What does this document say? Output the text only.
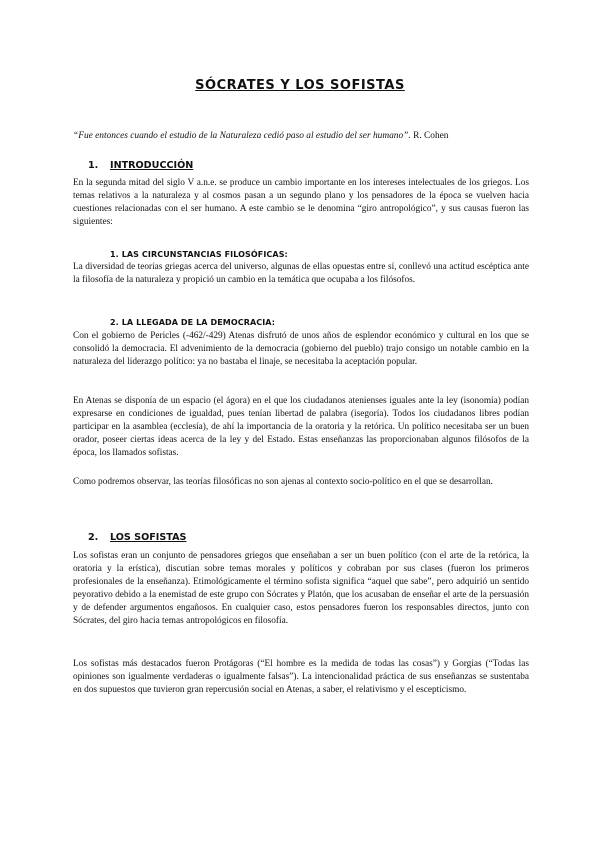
SÓCRATES Y LOS SOFISTAS
“Fue entonces cuando el estudio de la Naturaleza cedió paso al estudio del ser humano”. R. Cohen
1. INTRODUCCIÓN

En la segunda mitad del siglo V a.n.e. se produce un cambio importante en los intereses intelectuales de los griegos. Los temas relativos a la naturaleza y al cosmos pasan a un segundo plano y los pensadores de la época se vuelven hacia cuestiones relacionadas con el ser humano. A este cambio se le denomina “giro antropológico”, y sus causas fueron las siguientes:

1. LAS CIRCUNSTANCIAS FILOSÓFICAS:

La diversidad de teorías griegas acerca del universo, algunas de ellas opuestas entre sí, conllevó una actitud escéptica ante la filosofía de la naturaleza y propició un cambio en la temática que ocupaba a los filósofos.

2. LA LLEGADA DE LA DEMOCRACIA:

Con el gobierno de Pericles (-462/-429) Atenas disfrutó de unos años de esplendor económico y cultural en los que se consolidó la democracia. El advenimiento de la democracia (gobierno del pueblo) trajo consigo un notable cambio en la naturaleza del liderazgo político: ya no bastaba el linaje, se necesitaba la aceptación popular.

En Atenas se disponía de un espacio (el ágora) en el que los ciudadanos atenienses iguales ante la ley (isonomía) podían expresarse en condiciones de igualdad, pues tenían libertad de palabra (isegoría). Todos los ciudadanos libres podían participar en la asamblea (ecclesía), de ahí la importancia de la oratoria y la retórica. Un político necesitaba ser un buen orador, poseer ciertas ideas acerca de la ley y del Estado. Estas enseñanzas las proporcionaban algunos filósofos de la época, los llamados sofistas.

Como podremos observar, las teorías filosóficas no son ajenas al contexto socio-político en el que se desarrollan.

2. LOS SOFISTAS

Los sofistas eran un conjunto de pensadores griegos que enseñaban a ser un buen político (con el arte de la retórica, la oratoria y la erística), discutían sobre temas morales y políticos y cobraban por sus clases (fueron los primeros profesionales de la enseñanza). Etimológicamente el término sofista significa “aquel que sabe”, pero adquirió un sentido peyorativo debido a la enemistad de este grupo con Sócrates y Platón, que los acusaban de enseñar el arte de la persuasión y de defender argumentos engañosos. En cualquier caso, estos pensadores fueron los responsables directos, junto con Sócrates, del giro hacia temas antropológicos en filosofía.

Los sofistas más destacados fueron Protágoras (“El hombre es la medida de todas las cosas”) y Gorgias (“Todas las opiniones son igualmente verdaderas o igualmente falsas”). La intencionalidad práctica de sus enseñanzas se sustentaba en dos supuestos que tuvieron gran repercusión social en Atenas, a saber, el relativismo y el escepticismo.
